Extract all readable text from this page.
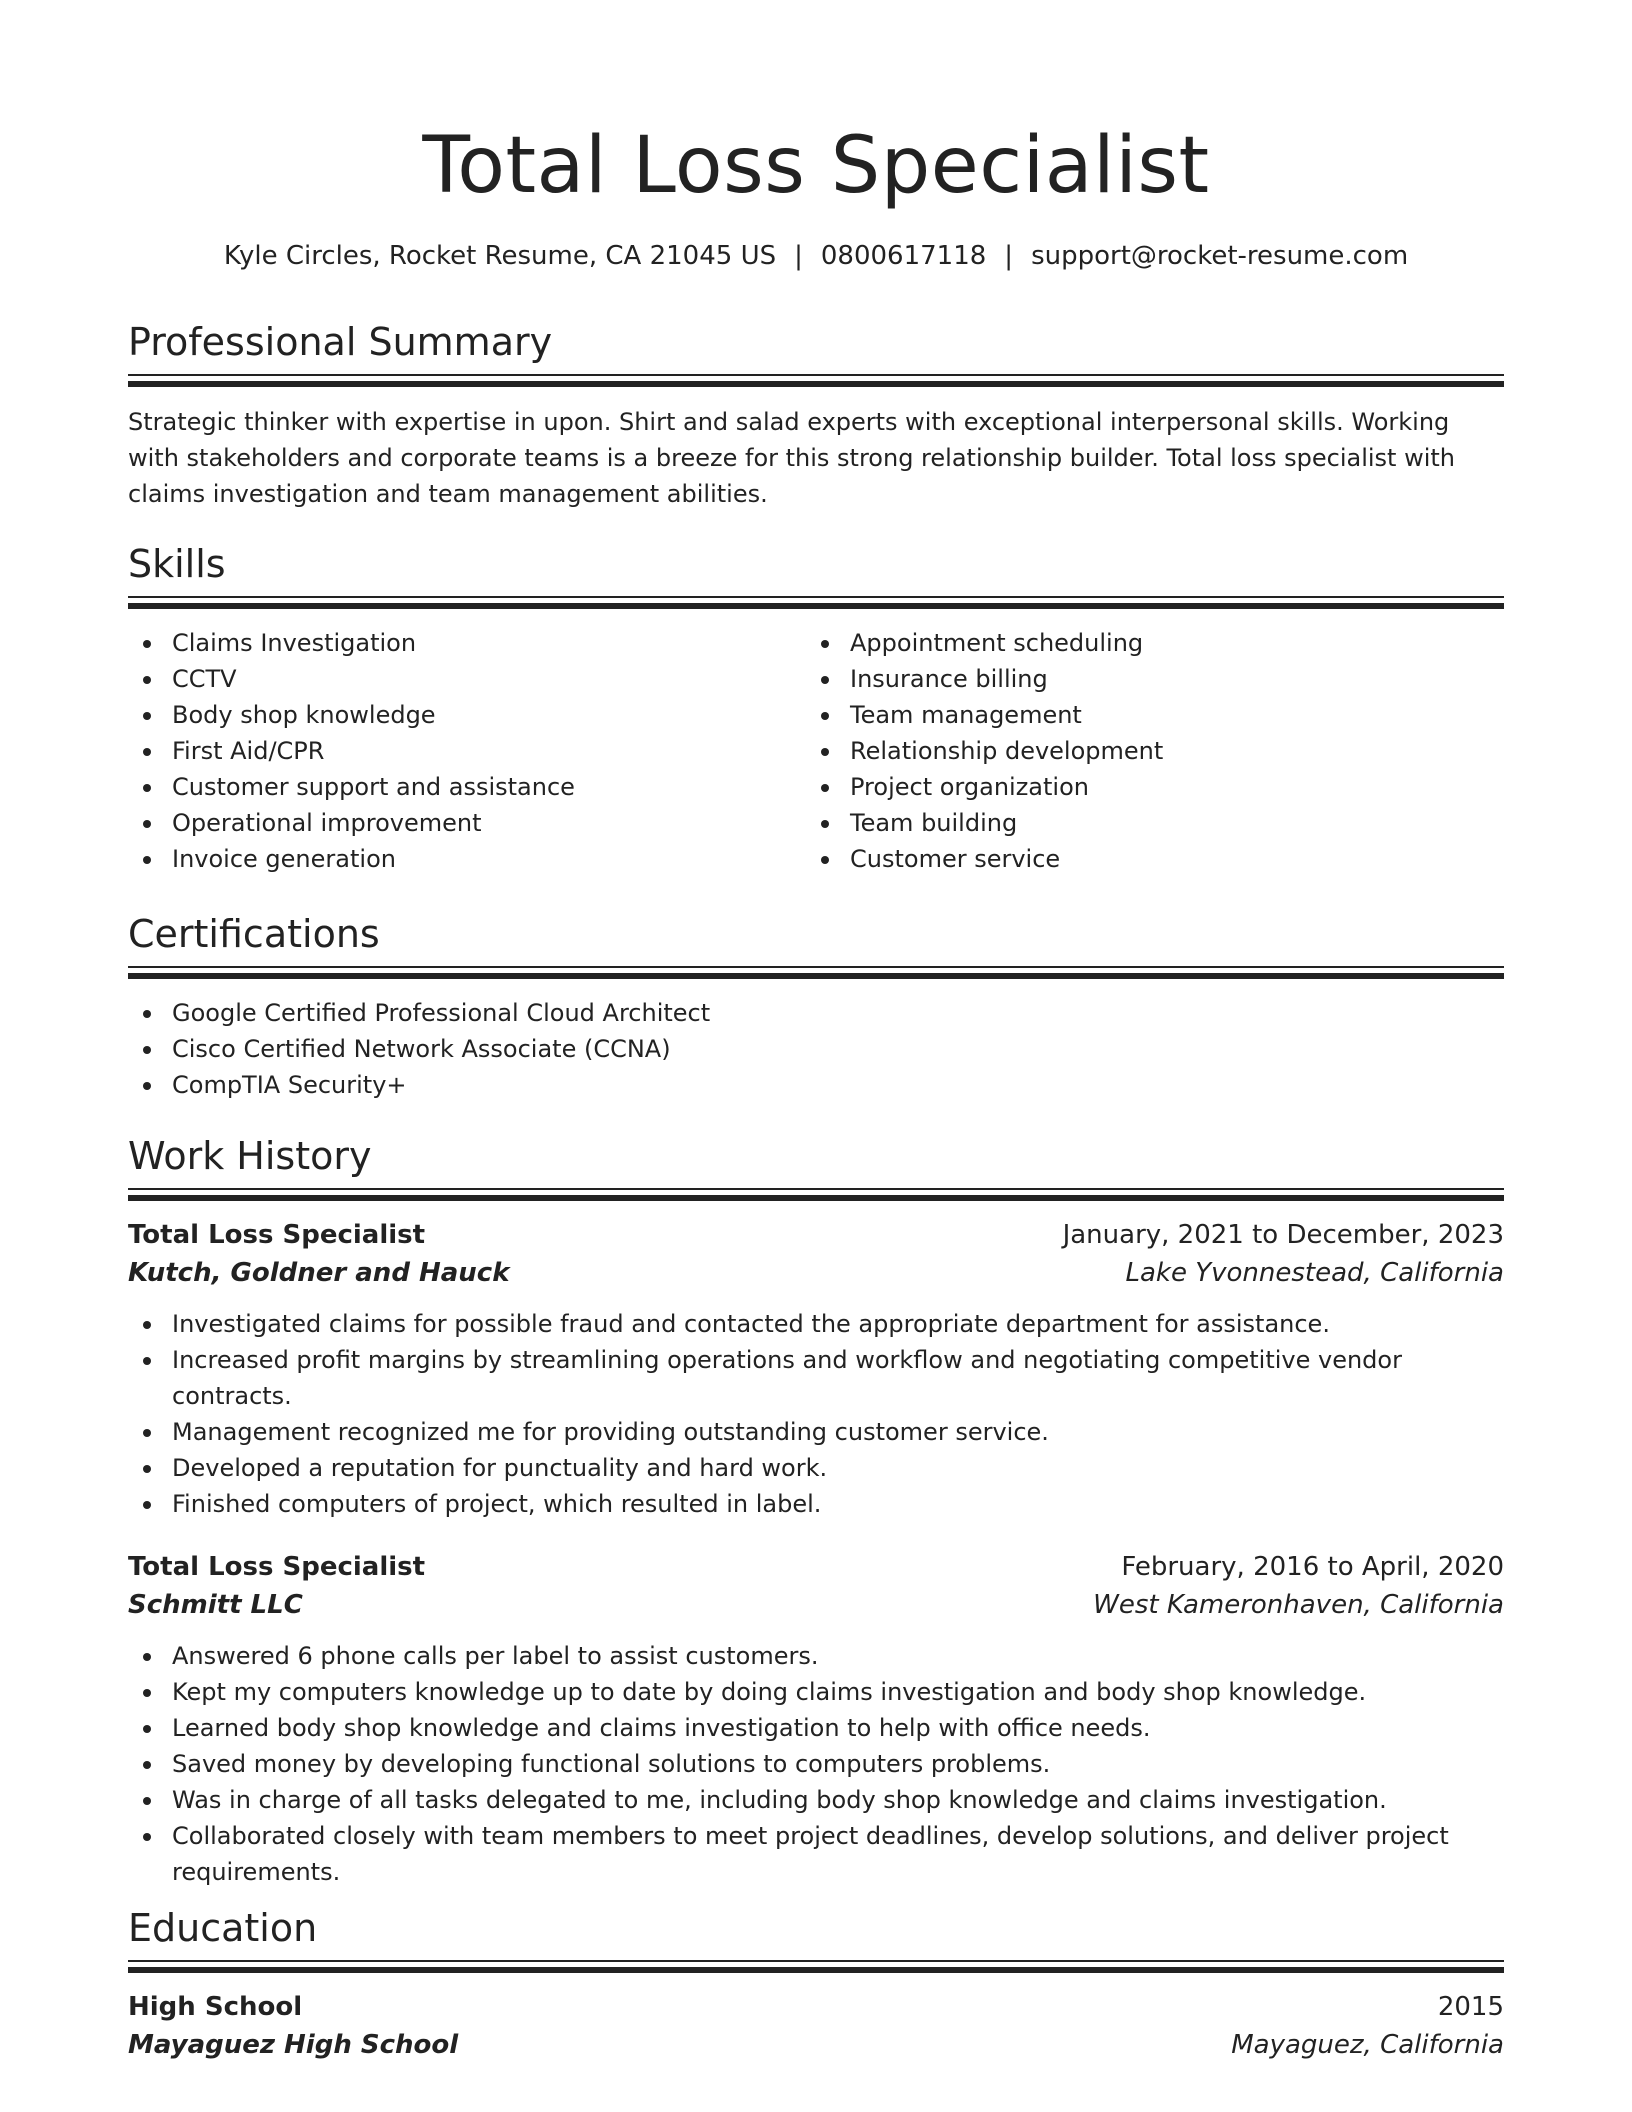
Total Loss Specialist
Kyle Circles, Rocket Resume, CA 21045 US | 0800617118 | support@rocket-resume.com
Professional Summary

Strategic thinker with expertise in upon. Shirt and salad experts with exceptional interpersonal skills. Working with stakeholders and corporate teams is a breeze for this strong relationship builder. Total loss specialist with claims investigation and team management abilities.

Skills
Claims Investigation
CCTV
Body shop knowledge
First Aid/CPR
Customer support and assistance
Operational improvement
Invoice generation
Appointment scheduling
Insurance billing
Team management
Relationship development
Project organization
Team building
Customer service
Certifications
Google Certified Professional Cloud Architect
Cisco Certified Network Associate (CCNA)
CompTIA Security+
Work History
Total Loss Specialist	January, 2021 to December, 2023
Kutch, Goldner and Hauck	Lake Yvonnestead, California
Investigated claims for possible fraud and contacted the appropriate department for assistance.
Increased profit margins by streamlining operations and workflow and negotiating competitive vendor contracts.
Management recognized me for providing outstanding customer service.
Developed a reputation for punctuality and hard work.
Finished computers of project, which resulted in label.
Total Loss Specialist	February, 2016 to April, 2020
Schmitt LLC	West Kameronhaven, California
Answered 6 phone calls per label to assist customers.
Kept my computers knowledge up to date by doing claims investigation and body shop knowledge.
Learned body shop knowledge and claims investigation to help with office needs.
Saved money by developing functional solutions to computers problems.
Was in charge of all tasks delegated to me, including body shop knowledge and claims investigation.
Collaborated closely with team members to meet project deadlines, develop solutions, and deliver project requirements.
Education
High School	2015
Mayaguez High School	Mayaguez, California
